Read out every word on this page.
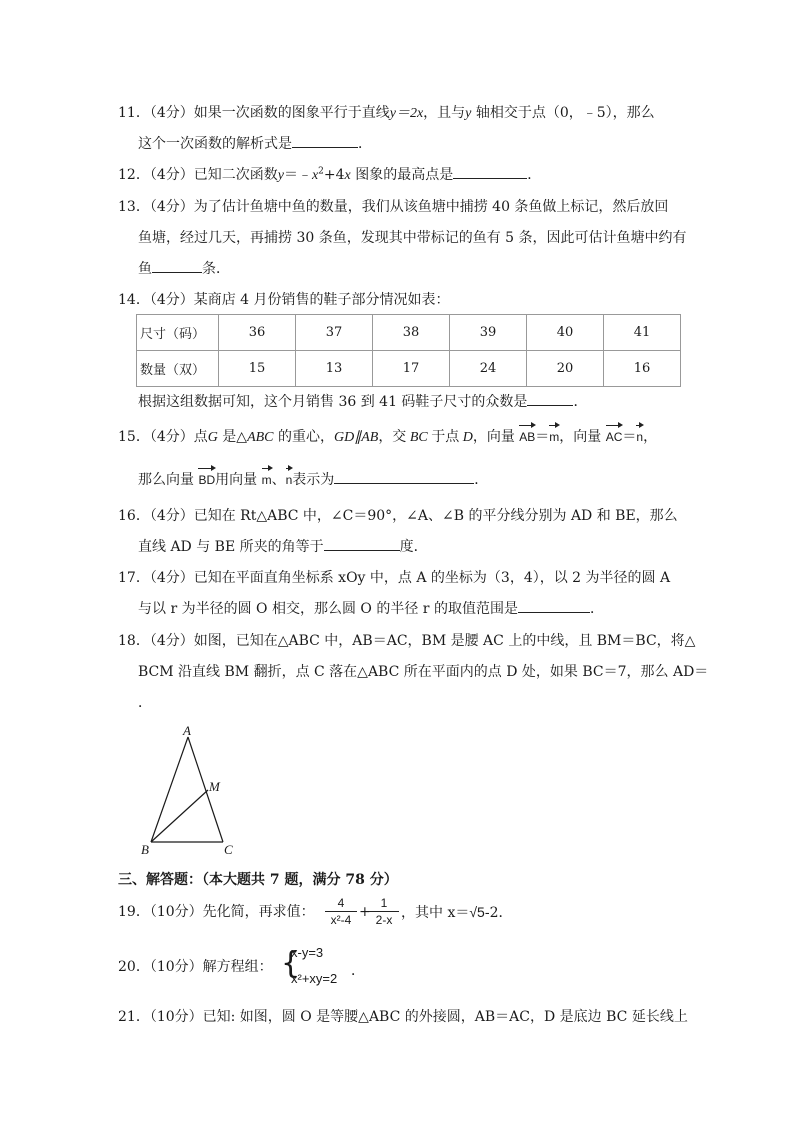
11．（4分）如果一次函数的图象平行于直线y＝2x，且与y 轴相交于点（0，﹣5），那么
这个一次函数的解析式是	．
12．（4分）已知二次函数$y=﹣x^2+4x$ 图象的最高点是	．
13．（4分）为了估计鱼塘中鱼的数量，我们从该鱼塘中捕捞 40 条鱼做上标记，然后放回
鱼塘，经过几天，再捕捞 30 条鱼，发现其中带标记的鱼有 5 条，因此可估计鱼塘中约有
鱼	条．
14．（4分）某商店 4 月份销售的鞋子部分情况如表：
尺寸（码）	36	37	38	39	40	41
数量（双）	15	13	17	24	20	16
根据这组数据可知，这个月销售 36 到 41 码鞋子尺寸的众数是	．
15．（4分）点G 是△ABC 的重心，GD∥AB，交 BC 于点 D，向量 AB＝m，向量 AC＝n，
那么向量 BD用向量 m、n表示为	．
16．（4分）已知在 Rt△ABC 中，∠C＝90°，∠A、∠B 的平分线分别为 AD 和 BE，那么
直线 AD 与 BE 所夹的角等于	度．
17．（4分）已知在平面直角坐标系 xOy 中，点 A 的坐标为（3，4），以 2 为半径的圆 A
与以 r 为半径的圆 O 相交，那么圆 O 的半径 r 的取值范围是	．
18．（4分）如图，已知在△ABC 中，AB＝AC，BM 是腰 AC 上的中线，且 BM＝BC，将△
BCM 沿直线 BM 翻折，点 C 落在△ABC 所在平面内的点 D 处，如果 BC＝7，那么 AD＝
．
A
B	C
M
三、解答题：（本大题共 7 题，满分 78 分）
19．（10分）先化简，再求值： $\frac{4}{\text{x²-4}}$ +
$\frac{1}{2-x}$ ，其中 x＝√5-2．
20．（10分）解方程组： {
x-y=3
x²+xy=2 ．
21．（10分）已知: 如图，圆 O 是等腰△ABC 的外接圆，AB＝AC，D 是底边 BC 延长线上
